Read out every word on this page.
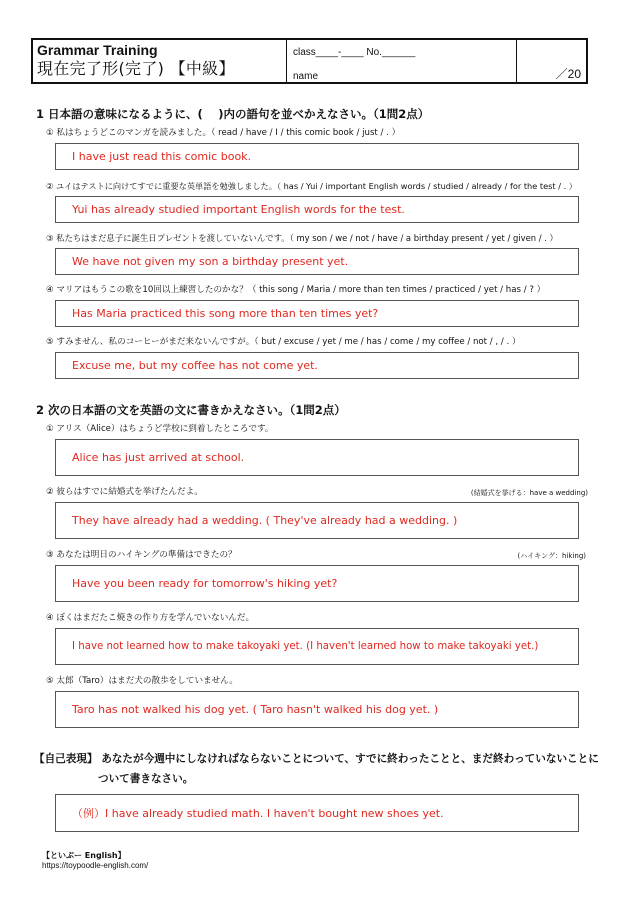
Grammar Training
現在完了形(完了) 【中級】
class____-____ No.______
name	／20
1 日本語の意味になるように、(　 )内の語句を並べかえなさい。（1問2点）
① 私はちょうどこのマンガを読みました。（ read / have / I / this comic book / just / . ）
I have just read this comic book.
② ユイはテストに向けてすでに重要な英単語を勉強しました。（ has / Yui / important English words / studied / already / for the test / . ）
Yui has already studied important English words for the test.
③ 私たちはまだ息子に誕生日プレゼントを渡していないんです。（ my son / we / not / have / a birthday present / yet / given / . ）
We have not given my son a birthday present yet.
④ マリアはもうこの歌を10回以上練習したのかな？（ this song / Maria / more than ten times / practiced / yet / has / ? ）
Has Maria practiced this song more than ten times yet?
⑤ すみません、私のコーヒーがまだ来ないんですが。（ but / excuse / yet / me / has / come / my coffee / not / , / . ）
Excuse me, but my coffee has not come yet.
2 次の日本語の文を英語の文に書きかえなさい。（1問2点）
① アリス（Alice）はちょうど学校に到着したところです。
Alice has just arrived at school.
② 彼らはすでに結婚式を挙げたんだよ。	(結婚式を挙げる：have a wedding)
They have already had a wedding. ( They've already had a wedding. )
③ あなたは明日のハイキングの準備はできたの？	(ハイキング：hiking)
Have you been ready for tomorrow's hiking yet?
④ ぼくはまだたこ焼きの作り方を学んでいないんだ。
I have not learned how to make takoyaki yet. (I haven't learned how to make takoyaki yet.)
⑤ 太郎（Taro）はまだ犬の散歩をしていません。
Taro has not walked his dog yet. ( Taro hasn't walked his dog yet. )
【自己表現】 あなたが今週中にしなければならないことについて、すでに終わったことと、まだ終わっていないことに
ついて書きなさい。
（例）I have already studied math. I haven't bought new shoes yet.
【といぷー English】
https://toypoodle-english.com/
